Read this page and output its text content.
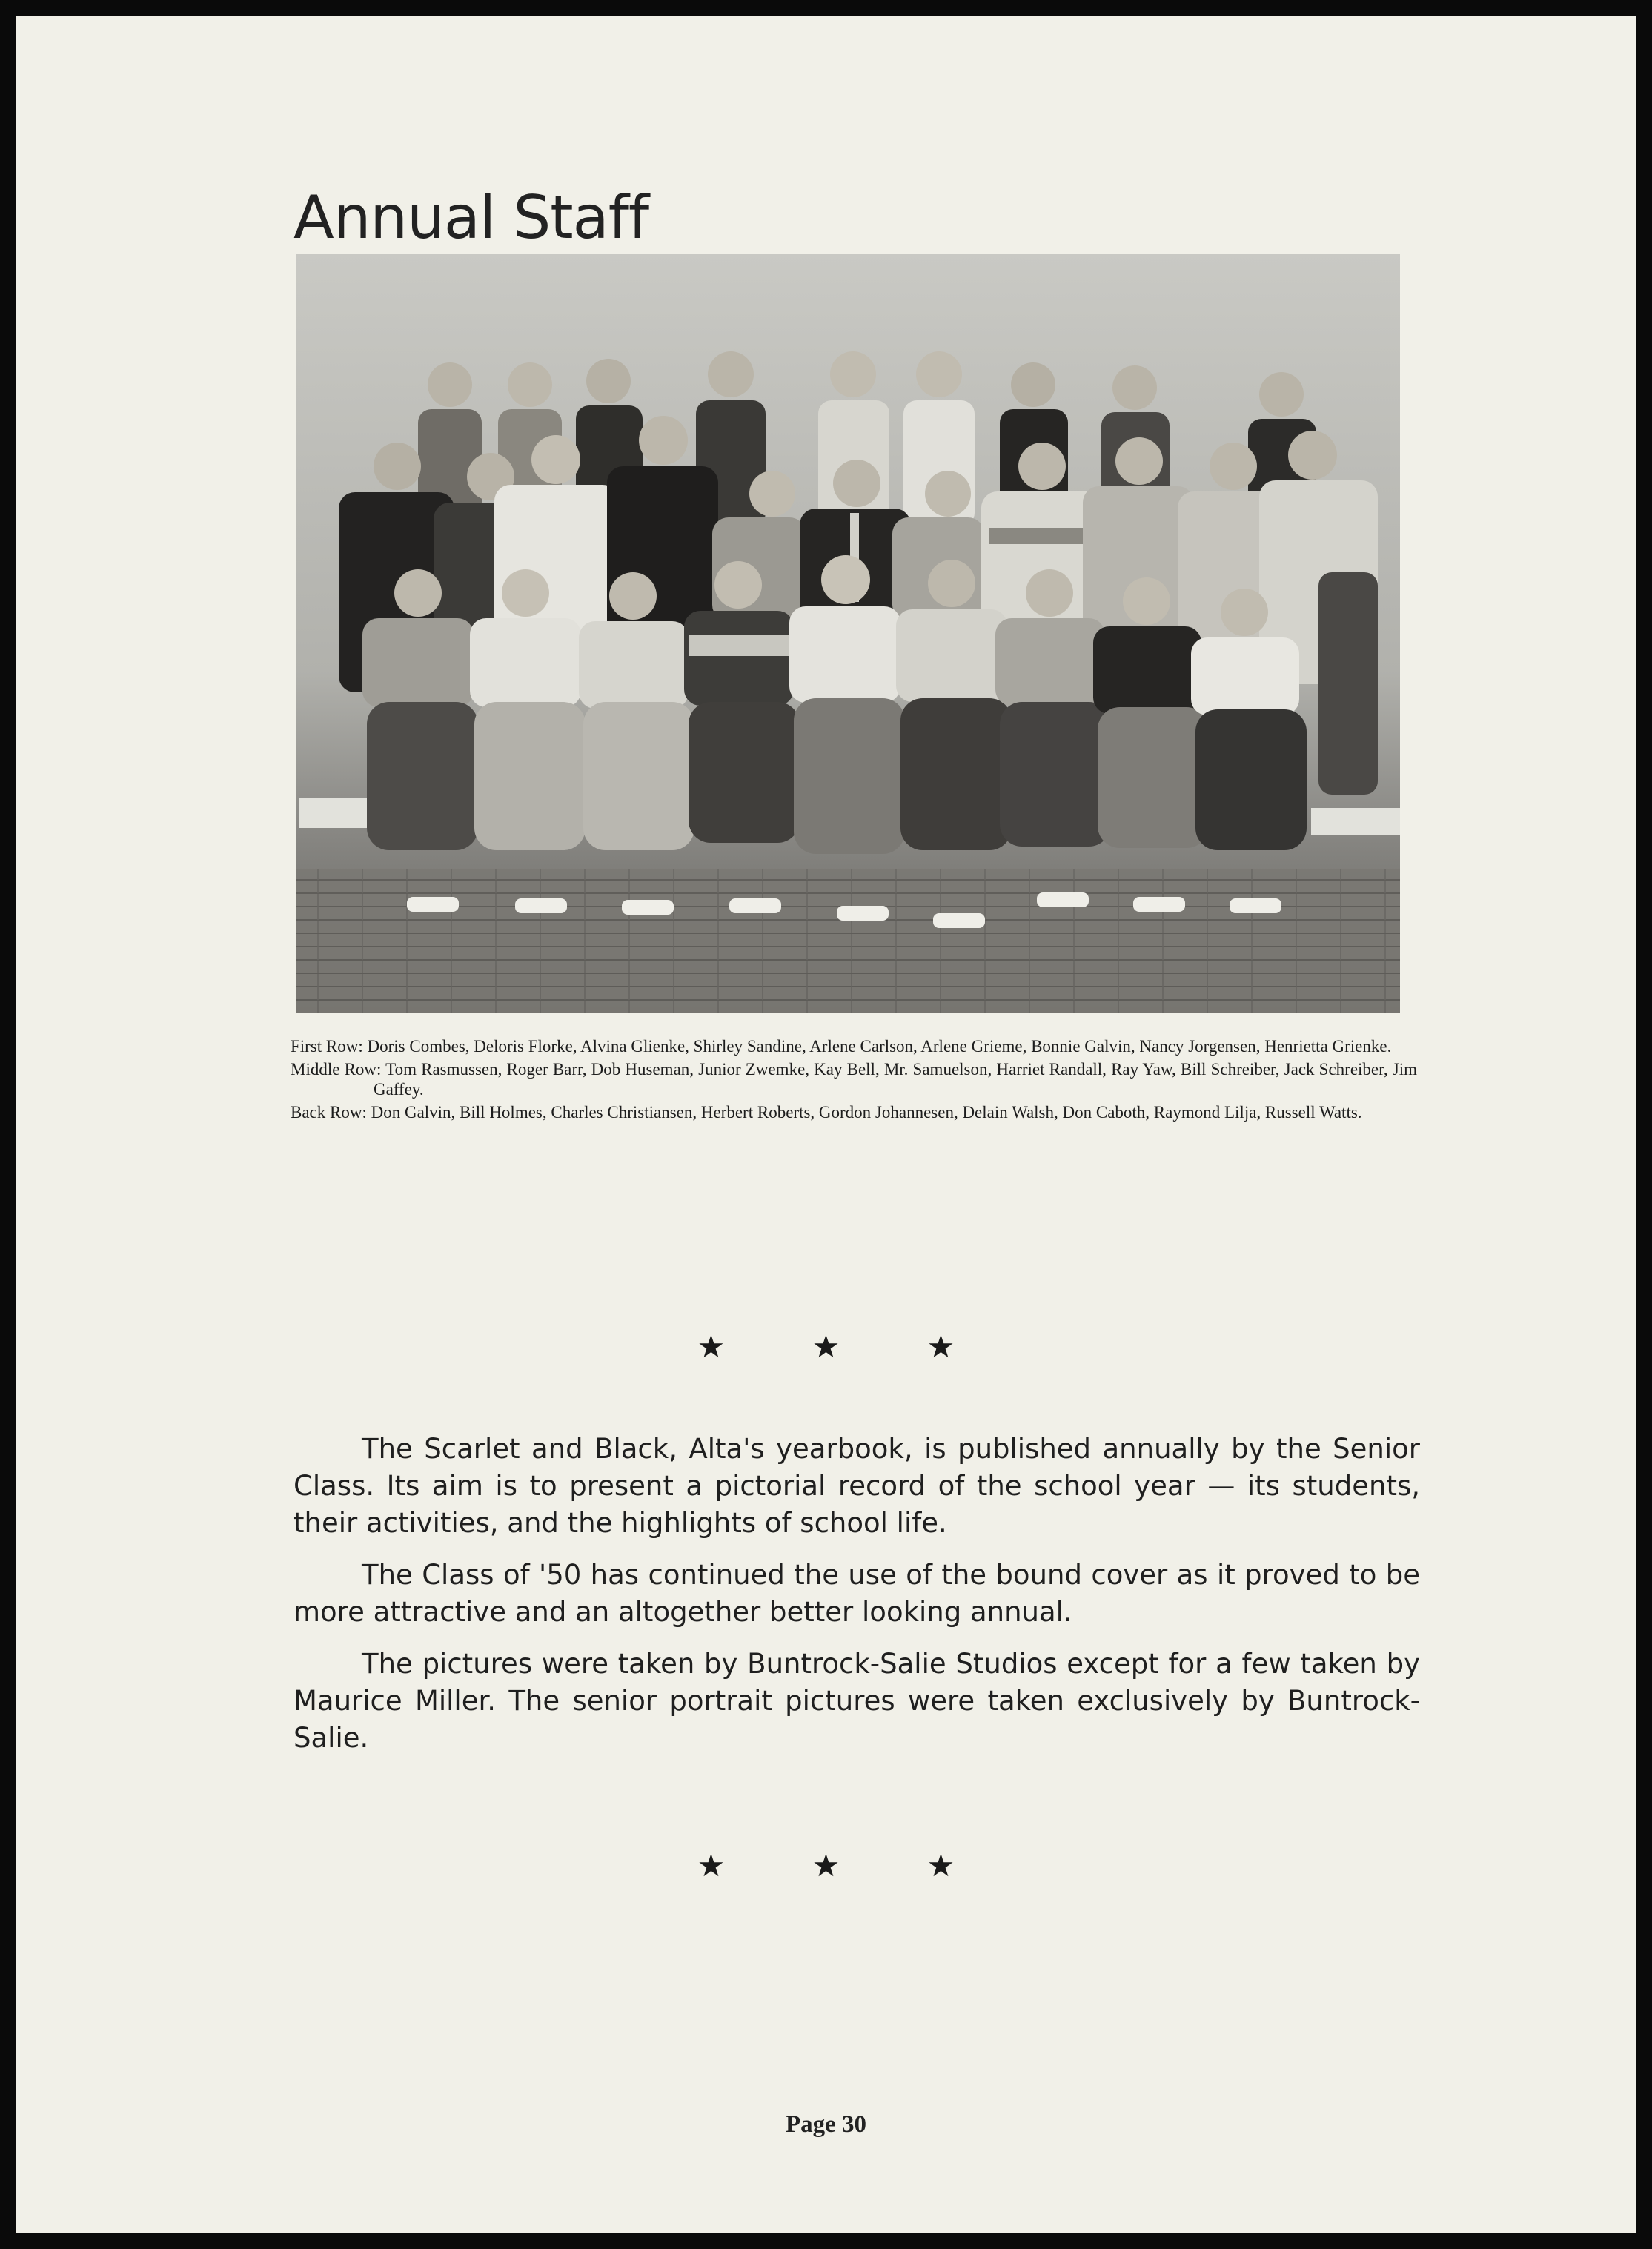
Annual Staff
First Row: Doris Combes, Deloris Florke, Alvina Glienke, Shirley Sandine, Arlene Carlson, Arlene Grieme, Bonnie Galvin, Nancy Jorgensen, Henrietta Grienke.
Middle Row: Tom Rasmussen, Roger Barr, Dob Huseman, Junior Zwemke, Kay Bell, Mr. Samuelson, Harriet Randall, Ray Yaw, Bill Schreiber, Jack Schreiber, Jim Gaffey.
Back Row: Don Galvin, Bill Holmes, Charles Christiansen, Herbert Roberts, Gordon Johannesen, Delain Walsh, Don Caboth, Raymond Lilja, Russell Watts.
★ ★ ★

The Scarlet and Black, Alta's yearbook, is published annually by the Senior Class. Its aim is to present a pictorial record of the school year — its students, their activities, and the highlights of school life.

The Class of '50 has continued the use of the bound cover as it proved to be more attractive and an altogether better looking annual.

The pictures were taken by Buntrock-Salie Studios except for a few taken by Maurice Miller. The senior portrait pictures were taken exclusively by Buntrock-Salie.

★ ★ ★
Page 30
